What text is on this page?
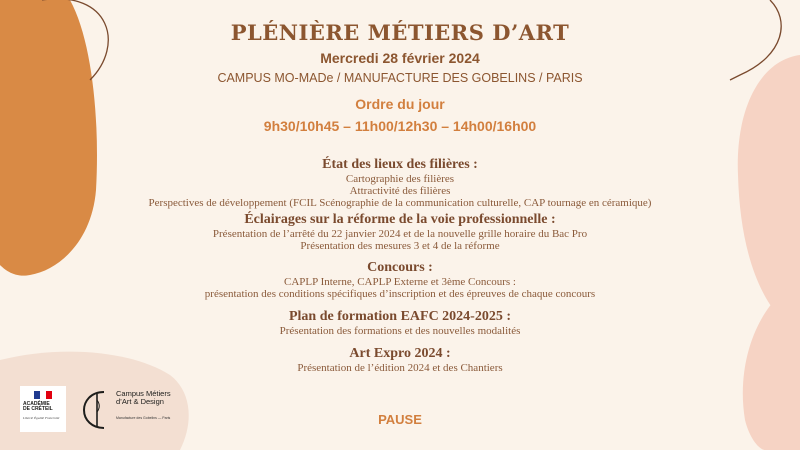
PLÉNIÈRE MÉTIERS D’ART
Mercredi 28 février 2024
CAMPUS MO-MADe / MANUFACTURE DES GOBELINS / PARIS
Ordre du jour
9h30/10h45 – 11h00/12h30 – 14h00/16h00
État des lieux des filières :
Cartographie des filières
Attractivité des filières
Perspectives de développement (FCIL Scénographie de la communication culturelle, CAP tournage en céramique)
Éclairages sur la réforme de la voie professionnelle :
Présentation de l’arrêté du 22 janvier 2024 et de la nouvelle grille horaire du Bac Pro
Présentation des mesures 3 et 4 de la réforme
Concours :
CAPLP Interne, CAPLP Externe et 3ème Concours :
présentation des conditions spécifiques d’inscription et des épreuves de chaque concours
Plan de formation EAFC 2024-2025 :
Présentation des formations et des nouvelles modalités
Art Expro 2024 :
Présentation de l’édition 2024 et des Chantiers
PAUSE
ACADÉMIE
DE CRÉTEIL
Liberté Égalité Fraternité
Campus Métiers d’Art & Design
Manufacture des Gobelins — Paris
